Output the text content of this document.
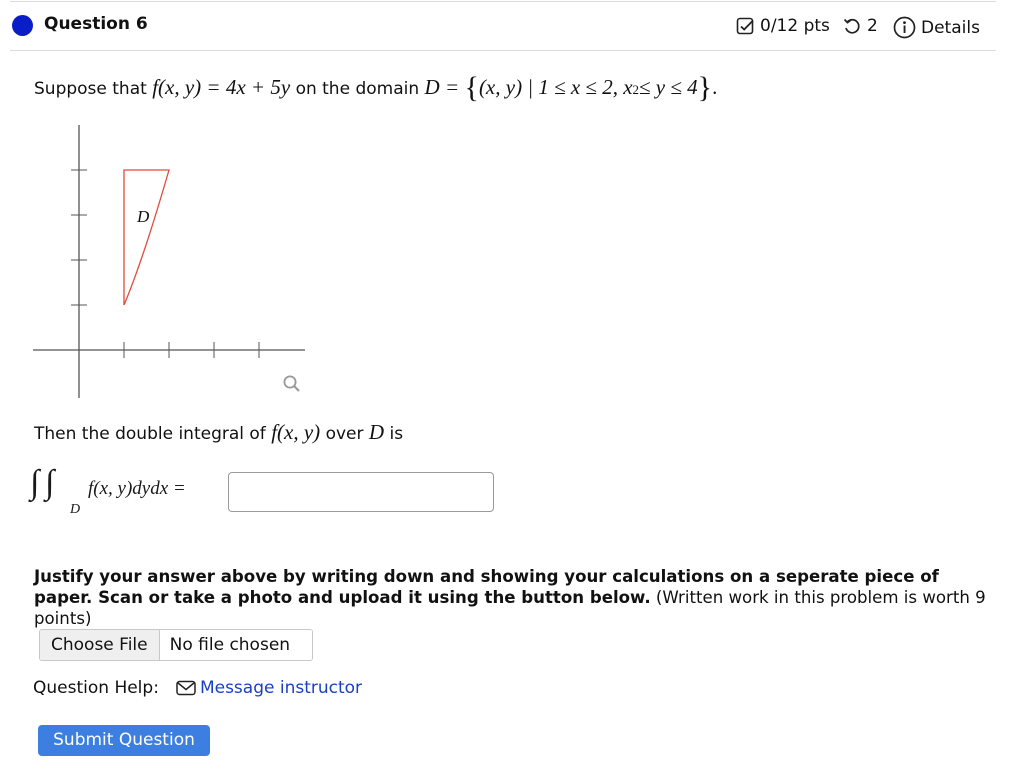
Question 6	0/12 pts 2	Details
Suppose that
f(x, y) = 4x + 5y
on the domain
D =
{ (x, y) | 1 ≤ x ≤ 2, x 2 ≤ y ≤ 4 } .
D
Then the double integral of
f(x, y)
over
D
is
∫ ∫
D
f(x, y)dydx =
Justify your answer above by writing down and showing your calculations on a seperate piece of paper. Scan or take a photo and upload it using the button below. (Written work in this problem is worth 9 points)
Choose File	No file chosen
Question Help: Message instructor
Submit Question
